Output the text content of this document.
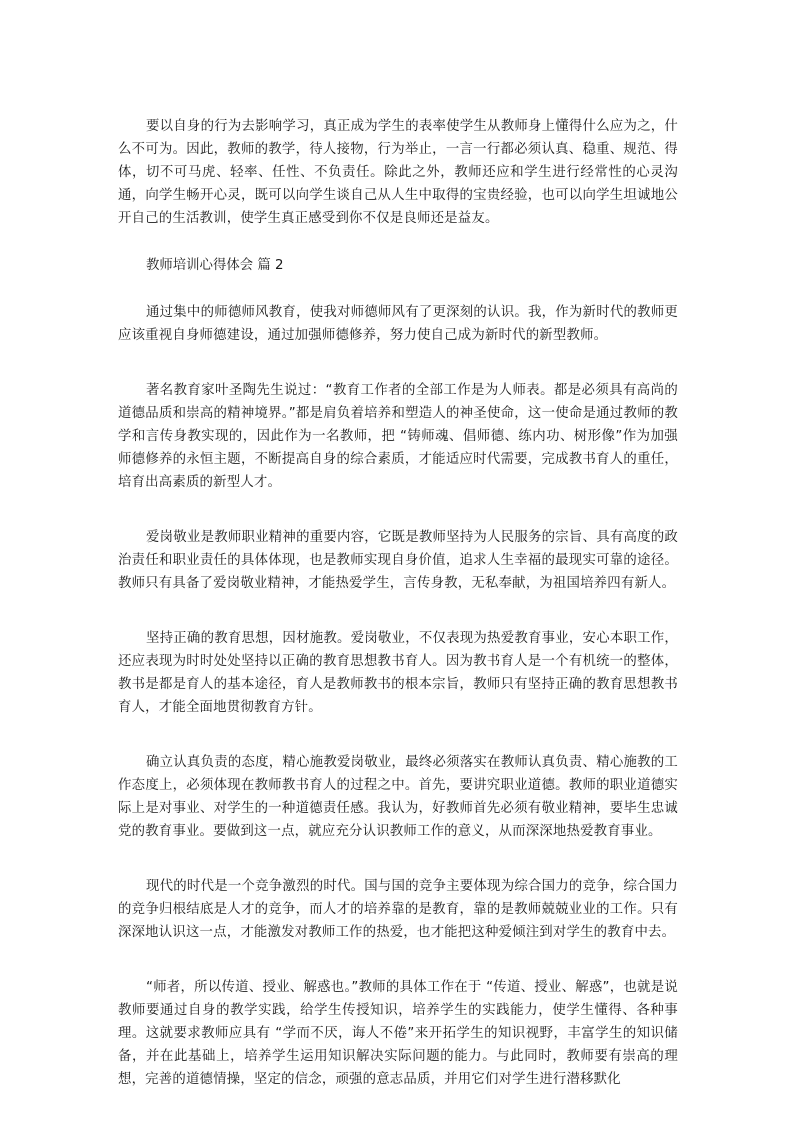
要以自身的行为去影响学习，真正成为学生的表率使学生从教师身上懂得什么应为之，什么不可为。因此，教师的教学，待人接物，行为举止，一言一行都必须认真、稳重、规范、得体，切不可马虎、轻率、任性、不负责任。除此之外，教师还应和学生进行经常性的心灵沟通，向学生畅开心灵，既可以向学生谈自己从人生中取得的宝贵经验，也可以向学生坦诚地公开自己的生活教训，使学生真正感受到你不仅是良师还是益友。

教师培训心得体会 篇 2

通过集中的师德师风教育，使我对师德师风有了更深刻的认识。我，作为新时代的教师更应该重视自身师德建设，通过加强师德修养，努力使自己成为新时代的新型教师。

著名教育家叶圣陶先生说过：“教育工作者的全部工作是为人师表。都是必须具有高尚的道德品质和崇高的精神境界。”都是肩负着培养和塑造人的神圣使命，这一使命是通过教师的教学和言传身教实现的，因此作为一名教师，把 “铸师魂、倡师德、练内功、树形像”作为加强师德修养的永恒主题，不断提高自身的综合素质，才能适应时代需要，完成教书育人的重任，培育出高素质的新型人才。

爱岗敬业是教师职业精神的重要内容，它既是教师坚持为人民服务的宗旨、具有高度的政治责任和职业责任的具体体现，也是教师实现自身价值，追求人生幸福的最现实可靠的途径。教师只有具备了爱岗敬业精神，才能热爱学生，言传身教，无私奉献，为祖国培养四有新人。

坚持正确的教育思想，因材施教。爱岗敬业，不仅表现为热爱教育事业，安心本职工作，还应表现为时时处处坚持以正确的教育思想教书育人。因为教书育人是一个有机统一的整体，教书是都是育人的基本途径，育人是教师教书的根本宗旨，教师只有坚持正确的教育思想教书育人，才能全面地贯彻教育方针。

确立认真负责的态度，精心施教爱岗敬业，最终必须落实在教师认真负责、精心施教的工作态度上，必须体现在教师教书育人的过程之中。首先，要讲究职业道德。教师的职业道德实际上是对事业、对学生的一种道德责任感。我认为，好教师首先必须有敬业精神，要毕生忠诚党的教育事业。要做到这一点，就应充分认识教师工作的意义，从而深深地热爱教育事业。

现代的时代是一个竞争激烈的时代。国与国的竞争主要体现为综合国力的竞争，综合国力的竞争归根结底是人才的竞争，而人才的培养靠的是教育，靠的是教师兢兢业业的工作。只有深深地认识这一点，才能激发对教师工作的热爱，也才能把这种爱倾注到对学生的教育中去。

“师者，所以传道、授业、解惑也。”教师的具体工作在于 “传道、授业、解惑”，也就是说教师要通过自身的教学实践，给学生传授知识，培养学生的实践能力，使学生懂得、各种事理。这就要求教师应具有 “学而不厌，诲人不倦”来开拓学生的知识视野，丰富学生的知识储备，并在此基础上，培养学生运用知识解决实际问题的能力。与此同时，教师要有崇高的理想，完善的道德情操，坚定的信念，顽强的意志品质，并用它们对学生进行潜移默化
